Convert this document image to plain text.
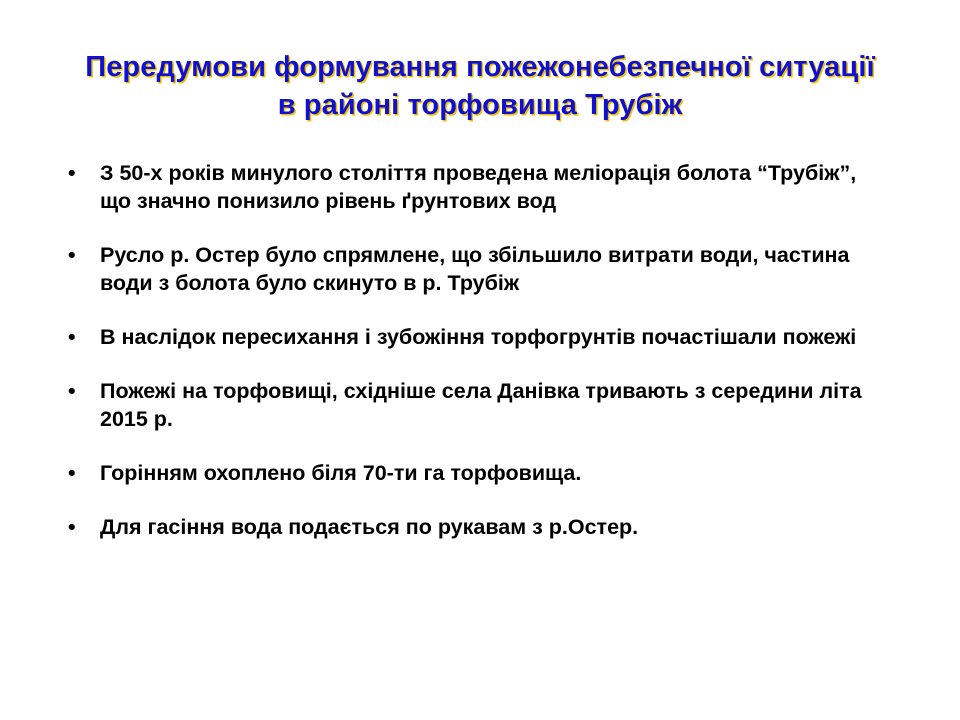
Передумови формування пожежонебезпечної ситуації
в районі торфовища Трубіж
• З 50-х років минулого століття проведена меліорація болота “Трубіж”, що значно понизило рівень ґрунтових вод
• Русло р. Остер було спрямлене, що збільшило витрати води, частина води з болота було скинуто в р. Трубіж
• В наслідок пересихання і зубожіння торфогрунтів почастішали пожежі
• Пожежі на торфовищі, східніше села Данівка тривають з середини літа 2015 р.
• Горінням охоплено біля 70-ти га торфовища.
• Для гасіння вода подається по рукавам з р.Остер.
